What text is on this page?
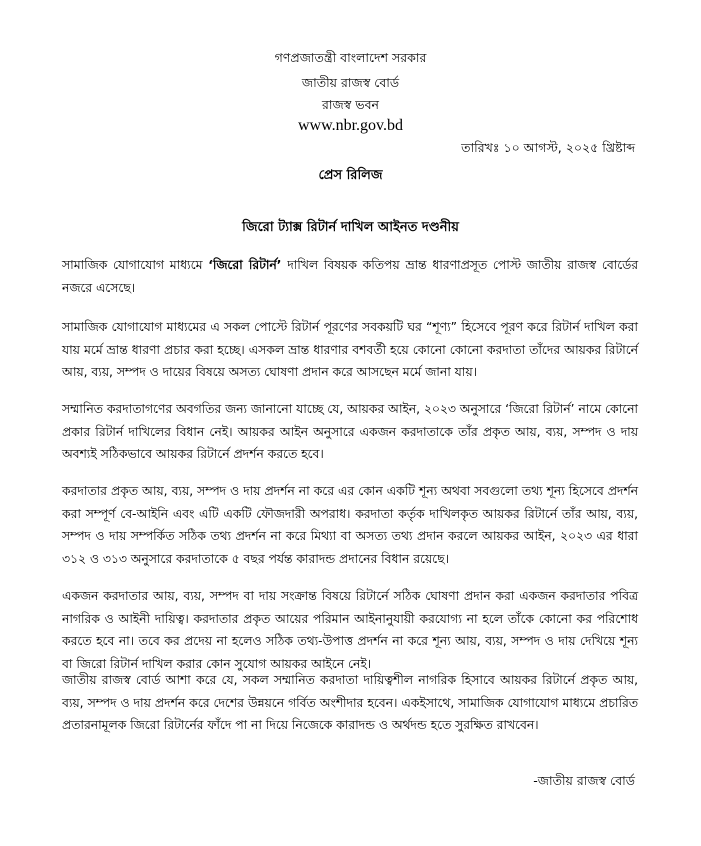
গণপ্রজাতন্ত্রী বাংলাদেশ সরকার
জাতীয় রাজস্ব বোর্ড
রাজস্ব ভবন
www.nbr.gov.bd
তারিখঃ ১০ আগস্ট, ২০২৫ খ্রিষ্টাব্দ
প্রেস রিলিজ
জিরো ট্যাক্স রিটার্ন দাখিল আইনত দণ্ডনীয়

সামাজিক যোগাযোগ মাধ্যমে ‘জিরো রিটার্ন’ দাখিল বিষয়ক কতিপয় ভ্রান্ত ধারণাপ্রসূত পোস্ট জাতীয় রাজস্ব বোর্ডের নজরে এসেছে।

সামাজিক যোগাযোগ মাধ্যমের এ সকল পোস্টে রিটার্ন পূরণের সবকয়টি ঘর “শূণ্য” হিসেবে পূরণ করে রিটার্ন দাখিল করা যায় মর্মে ভ্রান্ত ধারণা প্রচার করা হচ্ছে। এসকল ভ্রান্ত ধারণার বশবর্তী হয়ে কোনো কোনো করদাতা তাঁদের আয়কর রিটার্নে আয়, ব্যয়, সম্পদ ও দায়ের বিষয়ে অসত্য ঘোষণা প্রদান করে আসছেন মর্মে জানা যায়।

সম্মানিত করদাতাগণের অবগতির জন্য জানানো যাচ্ছে যে, আয়কর আইন, ২০২৩ অনুসারে ‘জিরো রিটার্ন’ নামে কোনো প্রকার রিটার্ন দাখিলের বিধান নেই। আয়কর আইন অনুসারে একজন করদাতাকে তাঁর প্রকৃত আয়, ব্যয়, সম্পদ ও দায় অবশ্যই সঠিকভাবে আয়কর রিটার্নে প্রদর্শন করতে হবে।

করদাতার প্রকৃত আয়, ব্যয়, সম্পদ ও দায় প্রদর্শন না করে এর কোন একটি শূন্য অথবা সবগুলো তথ্য শূন্য হিসেবে প্রদর্শন করা সম্পূর্ণ বে-আইনি এবং এটি একটি ফৌজদারী অপরাধ। করদাতা কর্তৃক দাখিলকৃত আয়কর রিটার্নে তাঁর আয়, ব্যয়, সম্পদ ও দায় সম্পর্কিত সঠিক তথ্য প্রদর্শন না করে মিথ্যা বা অসত্য তথ্য প্রদান করলে আয়কর আইন, ২০২৩ এর ধারা ৩১২ ও ৩১৩ অনুসারে করদাতাকে ৫ বছর পর্যন্ত কারাদন্ড প্রদানের বিধান রয়েছে।

একজন করদাতার আয়, ব্যয়, সম্পদ বা দায় সংক্রান্ত বিষয়ে রিটার্নে সঠিক ঘোষণা প্রদান করা একজন করদাতার পবিত্র নাগরিক ও আইনী দায়িত্ব। করদাতার প্রকৃত আয়ের পরিমান আইনানুযায়ী করযোগ্য না হলে তাঁকে কোনো কর পরিশোধ করতে হবে না। তবে কর প্রদেয় না হলেও সঠিক তথ্য-উপাত্ত প্রদর্শন না করে শূন্য আয়, ব্যয়, সম্পদ ও দায় দেখিয়ে শূন্য বা জিরো রিটার্ন দাখিল করার কোন সুযোগ আয়কর আইনে নেই।

জাতীয় রাজস্ব বোর্ড আশা করে যে, সকল সম্মানিত করদাতা দায়িত্বশীল নাগরিক হিসাবে আয়কর রিটার্নে প্রকৃত আয়, ব্যয়, সম্পদ ও দায় প্রদর্শন করে দেশের উন্নয়নে গর্বিত অংশীদার হবেন। একইসাথে, সামাজিক যোগাযোগ মাধ্যমে প্রচারিত প্রতারনামূলক জিরো রিটার্নের ফাঁদে পা না দিয়ে নিজেকে কারাদন্ড ও অর্থদন্ড হতে সুরক্ষিত রাখবেন।

-জাতীয় রাজস্ব বোর্ড
